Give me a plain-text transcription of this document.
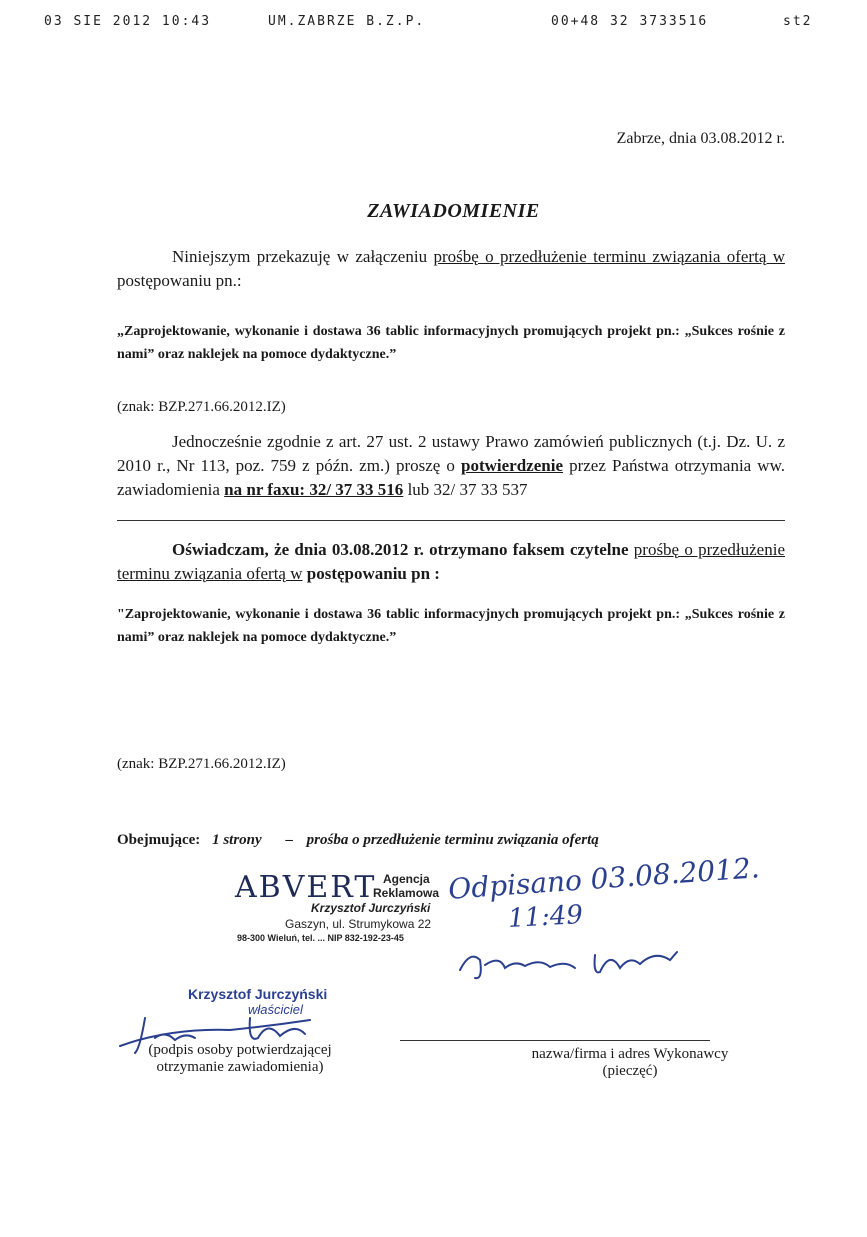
03 SIE 2012 10:43	UM.ZABRZE B.Z.P.	00+48 32 3733516	st2
Zabrze, dnia 03.08.2012 r.
ZAWIADOMIENIE
Niniejszym przekazuję w załączeniu prośbę o przedłużenie terminu związania ofertą w postępowaniu pn.:
„Zaprojektowanie, wykonanie i dostawa 36 tablic informacyjnych promujących projekt pn.: „Sukces rośnie z nami” oraz naklejek na pomoce dydaktyczne.”
(znak: BZP.271.66.2012.IZ)
Jednocześnie zgodnie z art. 27 ust. 2 ustawy Prawo zamówień publicznych (t.j. Dz. U. z 2010 r., Nr 113, poz. 759 z późn. zm.) proszę o potwierdzenie przez Państwa otrzymania ww. zawiadomienia na nr faxu: 32/ 37 33 516 lub 32/ 37 33 537
Oświadczam, że dnia 03.08.2012 r. otrzymano faksem czytelne prośbę o przedłużenie terminu związania ofertą w postępowaniu pn :
"Zaprojektowanie, wykonanie i dostawa 36 tablic informacyjnych promujących projekt pn.: „Sukces rośnie z nami” oraz naklejek na pomoce dydaktyczne.”
(znak: BZP.271.66.2012.IZ)
Obejmujące: 1 strony – prośba o przedłużenie terminu związania ofertą
ABVERT Agencja
Reklamowa
Krzysztof Jurczyński
Gaszyn, ul. Strumykowa 22
98-300 Wieluń, tel. ... NIP 832-192-23-45
Odpisano 03.08.2012.
11:49
Krzysztof Jurczyński
właściciel
(podpis osoby potwierdzającej
otrzymanie zawiadomienia)
nazwa/firma i adres Wykonawcy
(pieczęć)
